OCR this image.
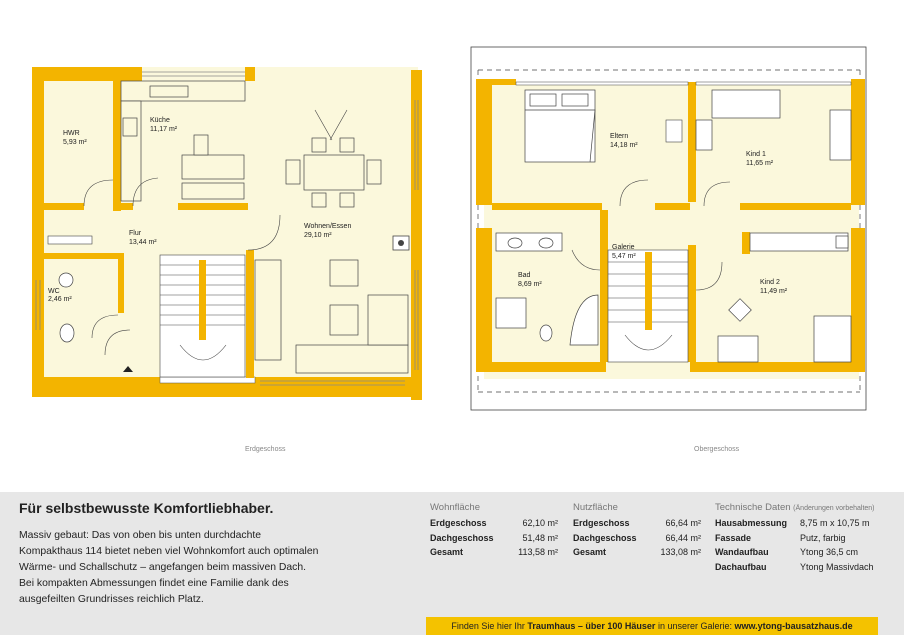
HWR
5,93 m²
Küche
11,17 m²
Flur
13,44 m²
Wohnen/Essen
29,10 m²
WC
2,46 m²
Eltern
14,18 m²
Kind 1
11,65 m²
Galerie
5,47 m²
Bad
8,69 m²	Kind 2
11,49 m²
Erdgeschoss	Obergeschoss
Für selbstbewusste Komfortliebhaber.

Massiv gebaut: Das von oben bis unten durchdachte Kompakthaus 114 bietet neben viel Wohnkomfort auch optimalen Wärme- und Schallschutz – angefangen beim massiven Dach. Bei kompakten Abmessungen findet eine Familie dank des ausgefeilten Grundrisses reichlich Platz.

Wohnfläche
Erdgeschoss	62,10 m²
Dachgeschoss	51,48 m²
Gesamt	113,58 m²
Nutzfläche
Erdgeschoss	66,64 m²
Dachgeschoss	66,44 m²
Gesamt	133,08 m²
Technische Daten (Änderungen vorbehalten)
Hausabmessung 8,75 m x 10,75 m
Fassade	Putz, farbig
Wandaufbau	Ytong 36,5 cm
Dachaufbau	Ytong Massivdach
Finden Sie hier Ihr Traumhaus – über 100 Häuser in unserer Galerie: www.ytong-bausatzhaus.de
